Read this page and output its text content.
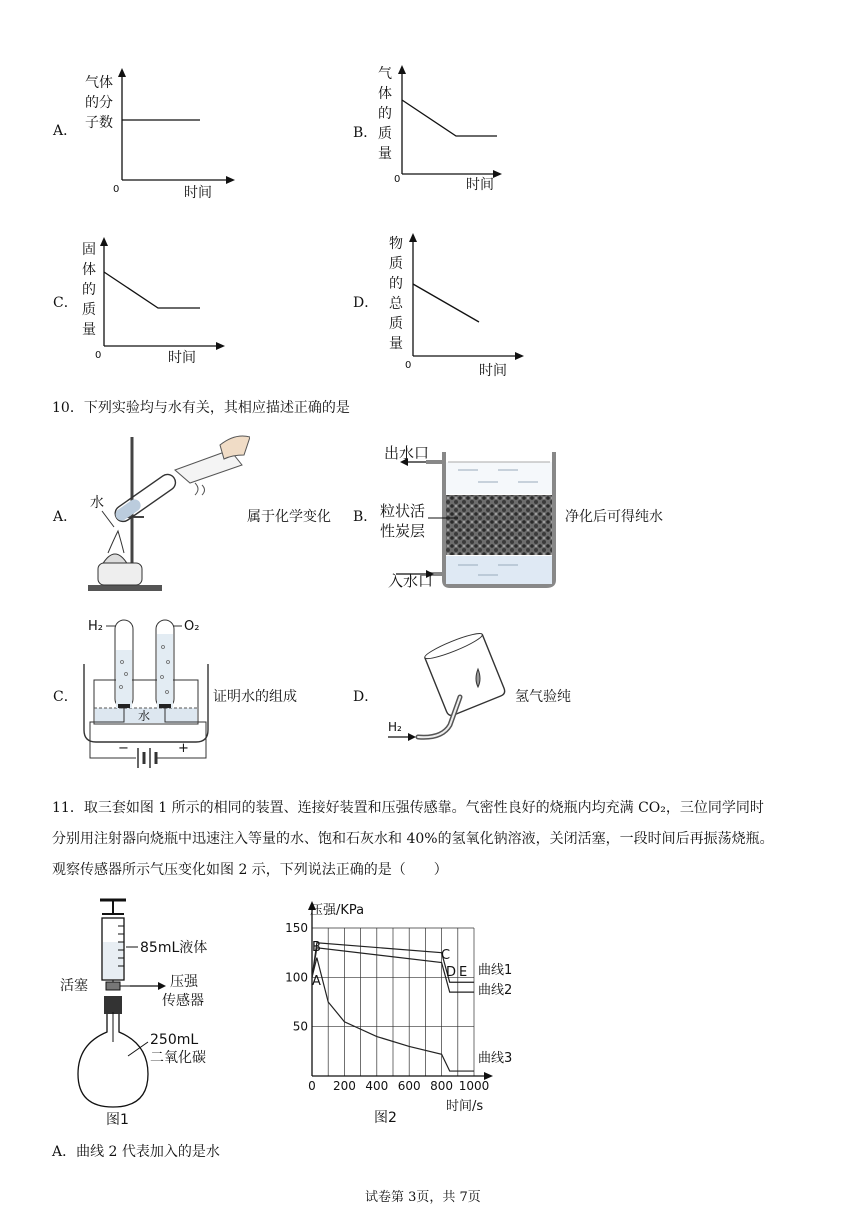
A．
气体
的分
子数
0	时间
B．
气
体
的
质
量
0	时间
C．
固
体
的
质
量
0	时间
D．
物
质
的
总
质
量
0	时间
10．下列实验均与水有关，其相应描述正确的是
A．
水
属于化学变化 B．
出水口
粒状活
性炭层
入水口
净化后可得纯水
C．
H₂	O₂
水
−	+
证明水的组成	D．
H₂
氢气验纯
11．取三套如图 1 所示的相同的装置、连接好装置和压强传感靠。气密性良好的烧瓶内均充满 CO₂，三位同学同时
分别用注射器向烧瓶中迅速注入等量的水、饱和石灰水和 40%的氢氧化钠溶液，关闭活塞，一段时间后再振荡烧瓶。
观察传感器所示气压变化如图 2 示，下列说法正确的是（　　）
85mL液体
活塞	压强
传感器
250mL
二氧化碳
图1
0 200 400 600 800 1000
50
100
150
压强/KPa
时间/s
图2
曲线1
曲线2
曲线3
A
B
C
D E
A．曲线 2 代表加入的是水
试卷第 3页，共 7页
